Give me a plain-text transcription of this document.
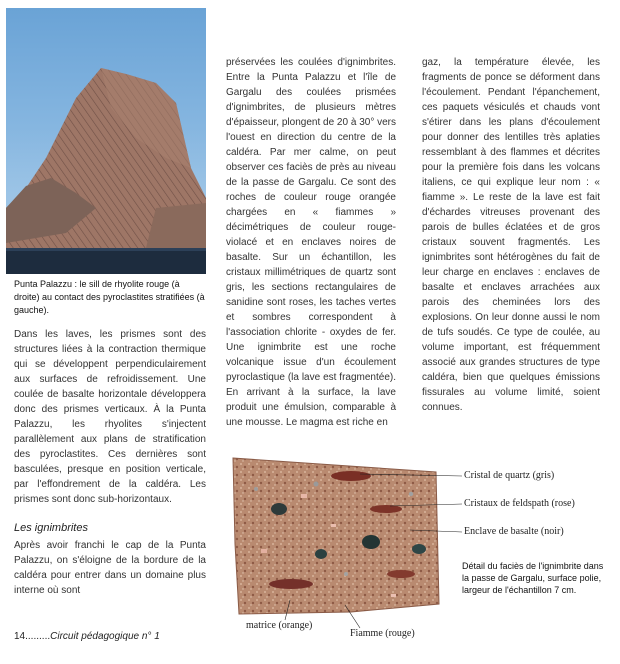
Punta Palazzu : le sill de rhyolite rouge (à droite) au contact des pyroclastites stratifiées (à gauche).

Dans les laves, les prismes sont des structures liées à la contraction thermique qui se développent perpendiculairement aux surfaces de refroidissement. Une coulée de basalte horizontale développera donc des prismes verticaux. À la Punta Palazzu, les rhyolites s'injectent parallèlement aux plans de stratification des pyroclastites. Ces dernières sont basculées, presque en position verticale, par l'effondrement de la caldéra. Les prismes sont donc sub-horizontaux.

Les ignimbrites

Après avoir franchi le cap de la Punta Palazzu, on s'éloigne de la bordure de la caldéra pour entrer dans un domaine plus interne où sont

préservées les coulées d'ignimbrites. Entre la Punta Palazzu et l'île de Gargalu des coulées prismées d'ignimbrites, de plusieurs mètres d'épaisseur, plongent de 20 à 30° vers l'ouest en direction du centre de la caldéra. Par mer calme, on peut observer ces faciès de près au niveau de la passe de Gargalu. Ce sont des roches de couleur rouge orangée chargées en « fiammes » décimétriques de couleur rouge-violacé et en enclaves noires de basalte. Sur un échantillon, les cristaux millimétriques de quartz sont gris, les sections rectangulaires de sanidine sont roses, les taches vertes et sombres correspondent à l'association chlorite - oxydes de fer. Une ignimbrite est une roche volcanique issue d'un écoulement pyroclastique (la lave est fragmentée). En arrivant à la surface, la lave produit une émulsion, comparable à une mousse. Le magma est riche en

gaz, la température élevée, les fragments de ponce se déforment dans l'écoulement. Pendant l'épanchement, ces paquets vésiculés et chauds vont s'étirer dans les plans d'écoulement pour donner des lentilles très aplaties ressemblant à des flammes et décrites pour la première fois dans les volcans italiens, ce qui explique leur nom : « fiamme ». Le reste de la lave est fait d'échardes vitreuses provenant des parois de bulles éclatées et de gros cristaux souvent fragmentés. Les ignimbrites sont hétérogènes du fait de leur charge en enclaves : enclaves de basalte et enclaves arrachées aux parois des cheminées lors des explosions. On leur donne aussi le nom de tufs soudés. Ce type de coulée, au volume important, est fréquemment associé aux grandes structures de type caldéra, bien que quelques émissions fissurales au volume limité, soient connues.

Cristal de quartz (gris)
Cristaux de feldspath (rose)
Enclave de basalte (noir)
matrice (orange)
Fiamme (rouge)
Détail du faciès de l'ignimbrite dans la passe de Gargalu, surface polie, largeur de l'échantillon 7 cm.
14.........Circuit pédagogique n° 1
